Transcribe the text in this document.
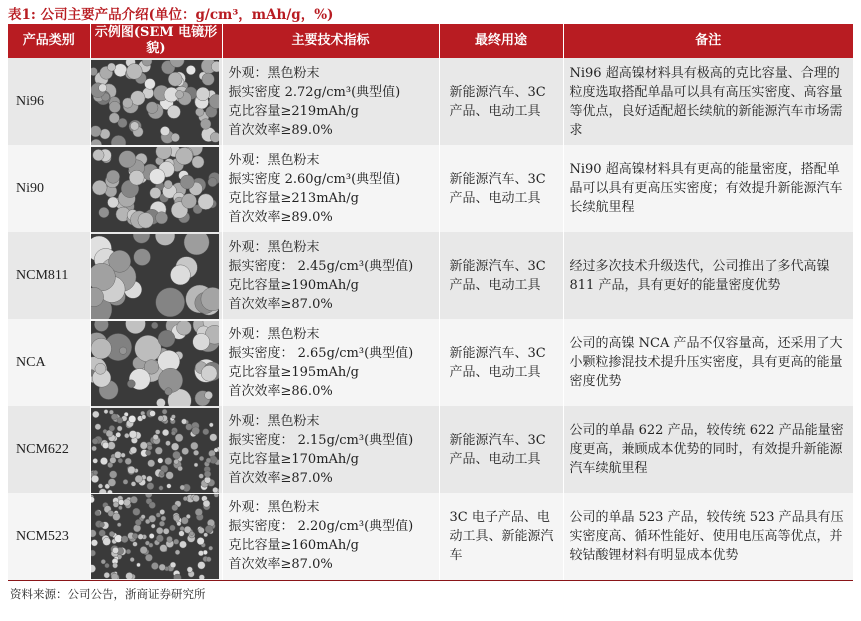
表1: 公司主要产品介绍(单位：g/cm³，mAh/g，%)
产品类别	示例图(SEM 电镜形貌)	主要技术指标	最终用途	备注
Ni96		外观：黑色粉末
振实密度 2.72g/cm³(典型值)
克比容量≥219mAh/g
首次效率≥89.0%	新能源汽车、3C 产品、电动工具	Ni96 超高镍材料具有极高的克比容量、合理的粒度选取搭配单晶可以具有高压实密度、高容量等优点，良好适配超长续航的新能源汽车市场需求
Ni90		外观：黑色粉末
振实密度 2.60g/cm³(典型值)
克比容量≥213mAh/g
首次效率≥89.0%	新能源汽车、3C 产品、电动工具	Ni90 超高镍材料具有更高的能量密度，搭配单晶可以具有更高压实密度；有效提升新能源汽车长续航里程
NCM811		外观：黑色粉末
振实密度： 2.45g/cm³(典型值)
克比容量≥190mAh/g
首次效率≥87.0%	新能源汽车、3C 产品、电动工具	经过多次技术升级迭代，公司推出了多代高镍 811 产品，具有更好的能量密度优势
NCA		外观：黑色粉末
振实密度： 2.65g/cm³(典型值)
克比容量≥195mAh/g
首次效率≥86.0%	新能源汽车、3C 产品、电动工具	公司的高镍 NCA 产品不仅容量高，还采用了大小颗粒掺混技术提升压实密度，具有更高的能量密度优势
NCM622		外观：黑色粉末
振实密度： 2.15g/cm³(典型值)
克比容量≥170mAh/g
首次效率≥87.0%	新能源汽车、3C 产品、电动工具	公司的单晶 622 产品，较传统 622 产品能量密度更高，兼顾成本优势的同时，有效提升新能源汽车续航里程
NCM523		外观：黑色粉末
振实密度： 2.20g/cm³(典型值)
克比容量≥160mAh/g
首次效率≥87.0%	3C 电子产品、电动工具、新能源汽车	公司的单晶 523 产品，较传统 523 产品具有压实密度高、循环性能好、使用电压高等优点，并较钴酸锂材料有明显成本优势
资料来源：公司公告，浙商证券研究所
